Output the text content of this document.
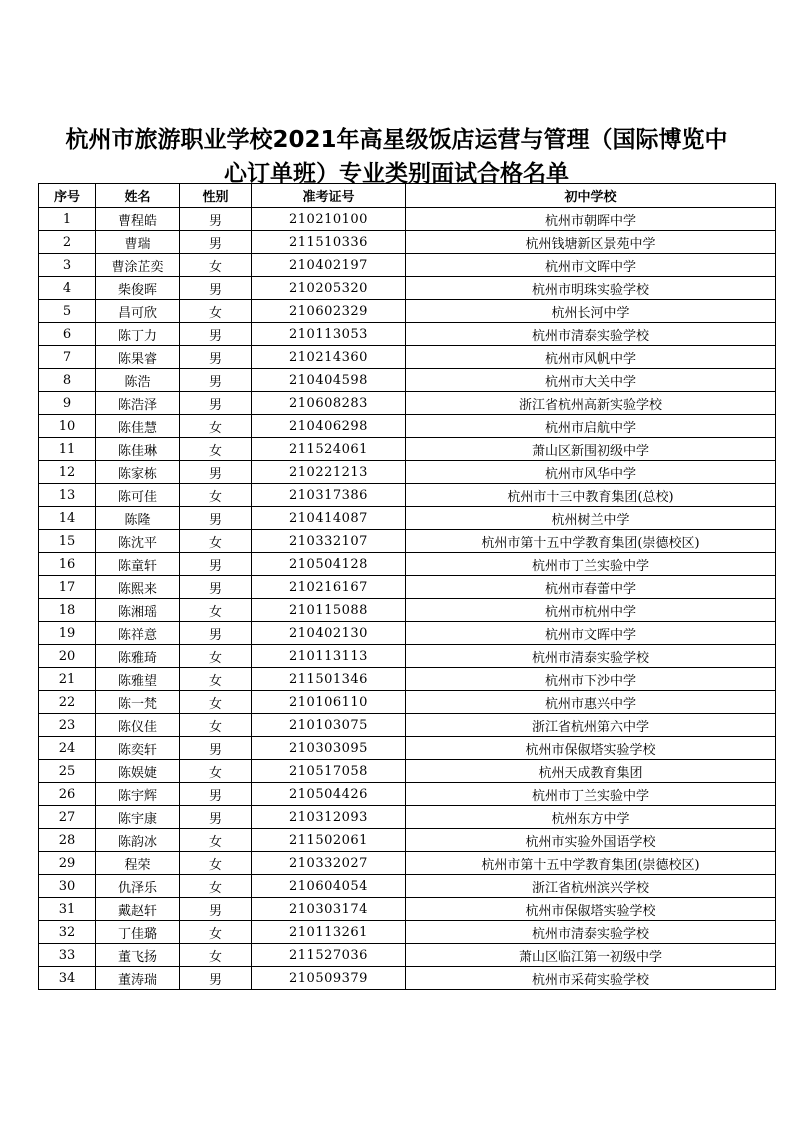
杭州市旅游职业学校2021年高星级饭店运营与管理（国际博览中
心订单班）专业类别面试合格名单
序号	姓名	性别	准考证号	初中学校
1	曹程皓	男	210210100	杭州市朝晖中学
2	曹瑞	男	211510336	杭州钱塘新区景苑中学
3	曹涂芷奕	女	210402197	杭州市文晖中学
4	柴俊晖	男	210205320	杭州市明珠实验学校
5	昌可欣	女	210602329	杭州长河中学
6	陈丁力	男	210113053	杭州市清泰实验学校
7	陈果睿	男	210214360	杭州市风帆中学
8	陈浩	男	210404598	杭州市大关中学
9	陈浩泽	男	210608283	浙江省杭州高新实验学校
10	陈佳慧	女	210406298	杭州市启航中学
11	陈佳琳	女	211524061	萧山区新围初级中学
12	陈家栋	男	210221213	杭州市风华中学
13	陈可佳	女	210317386	杭州市十三中教育集团(总校)
14	陈隆	男	210414087	杭州树兰中学
15	陈沈平	女	210332107	杭州市第十五中学教育集团(崇德校区)
16	陈童轩	男	210504128	杭州市丁兰实验中学
17	陈熙来	男	210216167	杭州市春蕾中学
18	陈湘瑶	女	210115088	杭州市杭州中学
19	陈祥意	男	210402130	杭州市文晖中学
20	陈雅琦	女	210113113	杭州市清泰实验学校
21	陈雅望	女	211501346	杭州市下沙中学
22	陈一梵	女	210106110	杭州市惠兴中学
23	陈仪佳	女	210103075	浙江省杭州第六中学
24	陈奕轩	男	210303095	杭州市保俶塔实验学校
25	陈娱婕	女	210517058	杭州天成教育集团
26	陈宇辉	男	210504426	杭州市丁兰实验中学
27	陈宇康	男	210312093	杭州东方中学
28	陈韵冰	女	211502061	杭州市实验外国语学校
29	程荣	女	210332027	杭州市第十五中学教育集团(崇德校区)
30	仇泽乐	女	210604054	浙江省杭州滨兴学校
31	戴赵轩	男	210303174	杭州市保俶塔实验学校
32	丁佳璐	女	210113261	杭州市清泰实验学校
33	董飞扬	女	211527036	萧山区临江第一初级中学
34	董涛瑞	男	210509379	杭州市采荷实验学校
